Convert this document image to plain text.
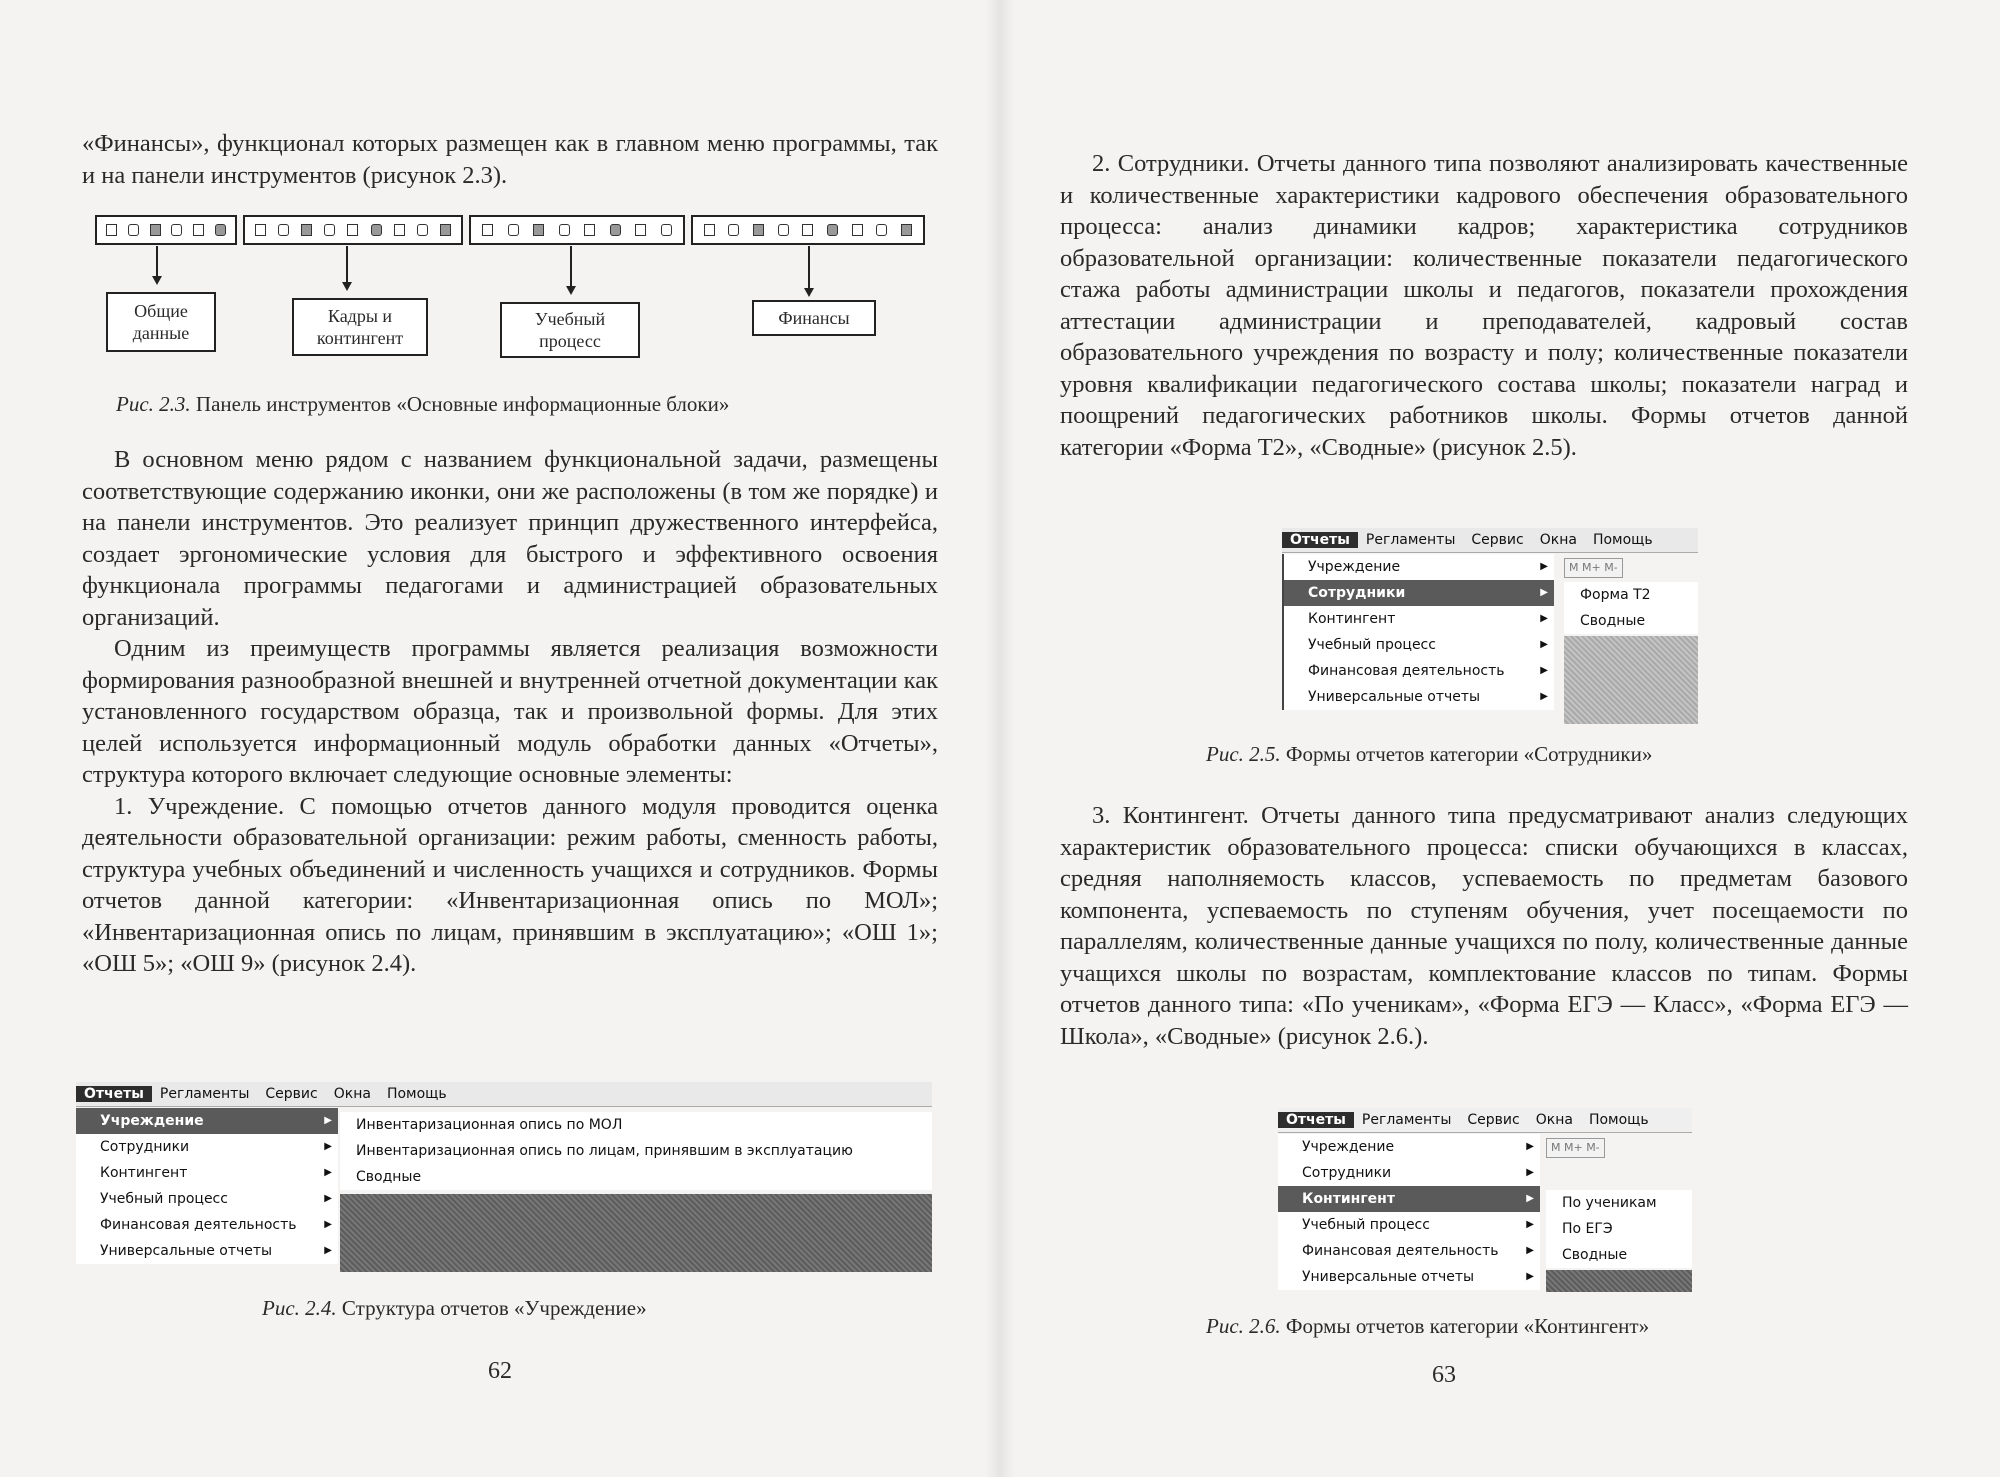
«Финансы», функционал которых размещен как в главном меню программы, так и на панели инструментов (рисунок 2.3).

Общие данные
Кадры и контингент
Учебный процесс
Финансы
Рис. 2.3. Панель инструментов «Основные информационные блоки»

В основном меню рядом с названием функциональной задачи, размещены соответствующие содержанию иконки, они же расположены (в том же порядке) и на панели инструментов. Это реализует принцип дружественного интерфейса, создает эргономические условия для быстрого и эффективного освоения функционала программы педагогами и администрацией образовательных организаций.

Одним из преимуществ программы является реализация возможности формирования разнообразной внешней и внутренней отчетной документации как установленного государством образца, так и произвольной формы. Для этих целей используется информационный модуль обработки данных «Отчеты», структура которого включает следующие основные элементы:

1. Учреждение. С помощью отчетов данного модуля проводится оценка деятельности образовательной организации: режим работы, сменность работы, структура учебных объединений и численность учащихся и сотрудников. Формы отчетов данной категории: «Инвентаризационная опись по МОЛ»; «Инвентаризационная опись по лицам, принявшим в эксплуатацию»; «ОШ 1»; «ОШ 5»; «ОШ 9» (рисунок 2.4).

Отчеты	Регламенты	Сервис	Окна	Помощь
Учреждение	▶
Сотрудники	▶
Контингент	▶
Учебный процесс	▶
Финансовая деятельность	▶
Универсальные отчеты	▶
Инвентаризационная опись по МОЛ
Инвентаризационная опись по лицам, принявшим в эксплуатацию
Сводные
Рис. 2.4. Структура отчетов «Учреждение»
62

2. Сотрудники. Отчеты данного типа позволяют анализировать качественные и количественные характеристики кадрового обеспечения образовательного процесса: анализ динамики кадров; характеристика сотрудников образовательной организации: количественные показатели педагогического стажа работы администрации школы и педагогов, показатели прохождения аттестации администрации и преподавателей, кадровый состав образовательного учреждения по возрасту и полу; количественные показатели уровня квалификации педагогического состава школы; показатели наград и поощрений педагогических работников школы. Формы отчетов данной категории «Форма Т2», «Сводные» (рисунок 2.5).

Отчеты	Регламенты	Сервис	Окна	Помощь
Учреждение	▶
Сотрудники	▶
Контингент	▶
Учебный процесс	▶
Финансовая деятельность	▶
Универсальные отчеты	▶
M M+ M-
Форма Т2
Сводные
Рис. 2.5. Формы отчетов категории «Сотрудники»

3. Контингент. Отчеты данного типа предусматривают анализ следующих характеристик образовательного процесса: списки обучающихся в классах, средняя наполняемость классов, успеваемость по предметам базового компонента, успеваемость по ступеням обучения, учет посещаемости по параллелям, количественные данные учащихся по полу, количественные данные учащихся школы по возрастам, комплектование классов по типам. Формы отчетов данного типа: «По ученикам», «Форма ЕГЭ — Класс», «Форма ЕГЭ — Школа», «Сводные» (рисунок 2.6.).

Отчеты	Регламенты	Сервис	Окна	Помощь
Учреждение	▶
Сотрудники	▶
Контингент	▶
Учебный процесс	▶
Финансовая деятельность	▶
Универсальные отчеты	▶
M M+ M-
По ученикам
По ЕГЭ
Сводные
Рис. 2.6. Формы отчетов категории «Контингент»
63
